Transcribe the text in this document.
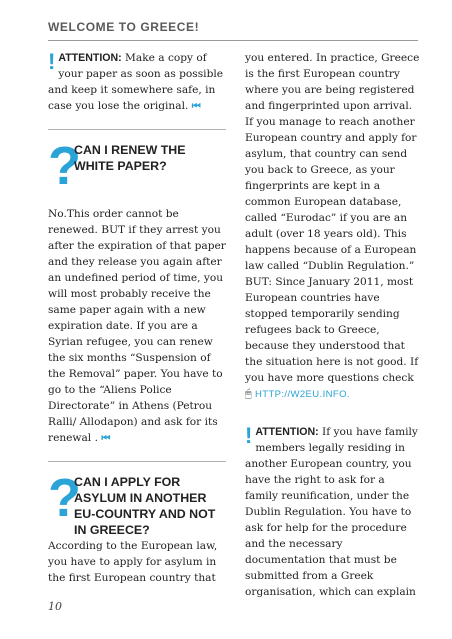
WELCOME TO GREECE!

! ATTENTION: Make a copy of your paper as soon as possible and keep it somewhere safe, in case you lose the original. ⏮

?
CAN I RENEW THE WHITE PAPER?

No.This order cannot be renewed. BUT if they arrest you after the expiration of that paper and they release you again after an undefined period of time, you will most probably receive the same paper again with a new expiration date. If you are a Syrian refugee, you can renew the six months “Suspension of the Removal” paper. You have to go to the “Aliens Police Directorate” in Athens (Petrou Ralli/ Allodapon) and ask for its renewal . ⏮

?
CAN I APPLY FOR ASYLUM IN ANOTHER EU-COUNTRY AND NOT IN GREECE?

According to the European law, you have to apply for asylum in the first European country that

you entered. In practice, Greece is the first European country where you are being registered and fingerprinted upon arrival. If you manage to reach another European country and apply for asylum, that country can send you back to Greece, as your fingerprints are kept in a common European database, called “Eurodac” if you are an adult (over 18 years old). This happens because of a European law called “Dublin Regulation.” BUT: Since January 2011, most European countries have stopped temporarily sending refugees back to Greece, because they understood that the situation here is not good. If you have more questions check 🖱 HTTP://W2EU.INFO.

! ATTENTION: If you have family members legally residing in another European country, you have the right to ask for a family reunification, under the Dublin Regulation. You have to ask for help for the procedure and the necessary documentation that must be submitted from a Greek organisation, which can explain

10
